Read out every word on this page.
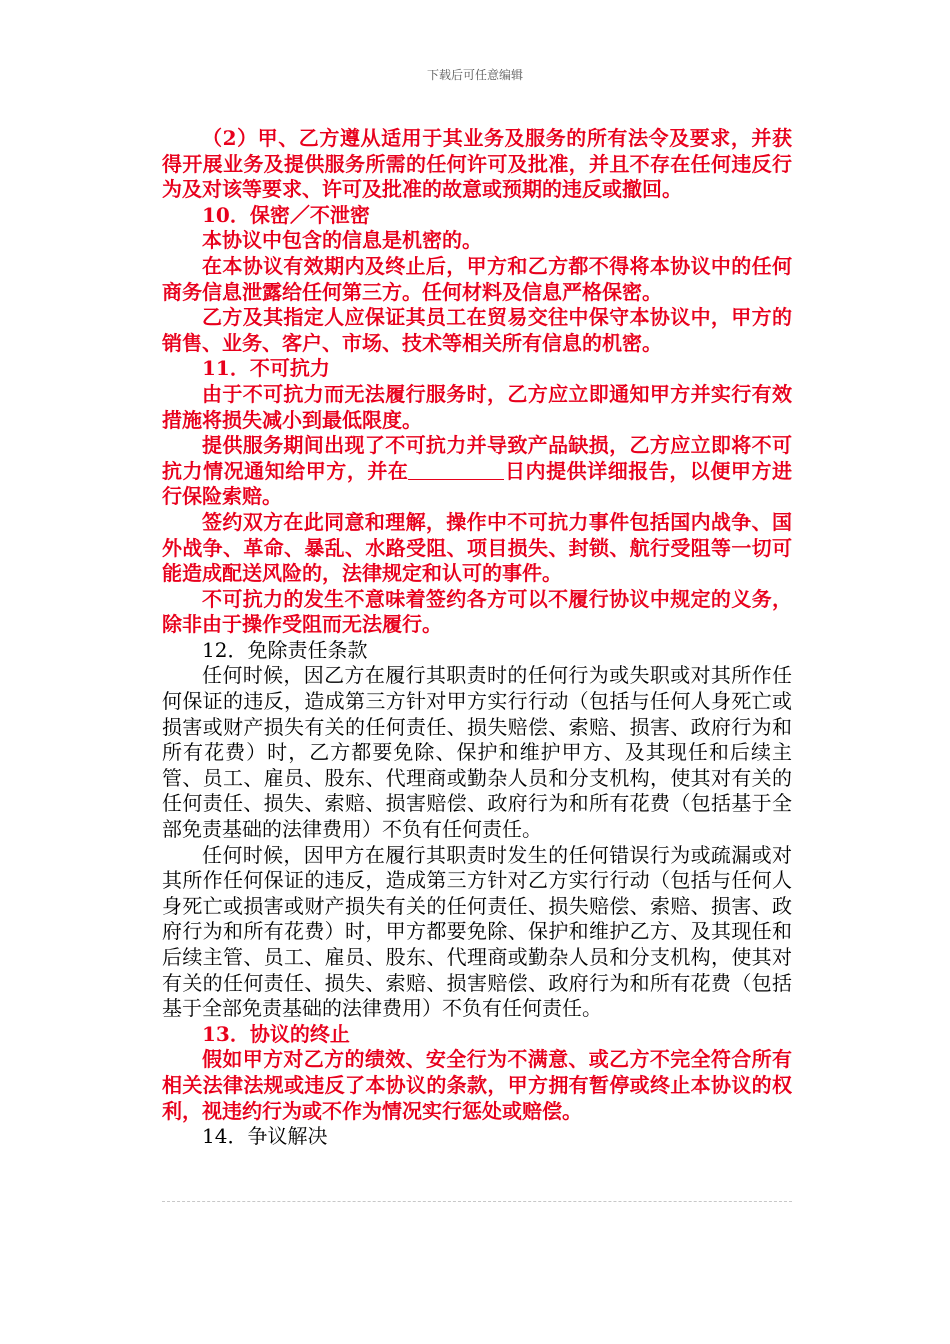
下载后可任意编辑

（2）甲、乙方遵从适用于其业务及服务的所有法令及要求，并获得开展业务及提供服务所需的任何许可及批准，并且不存在任何违反行为及对该等要求、许可及批准的故意或预期的违反或撤回。

10．保密／不泄密

本协议中包含的信息是机密的。

在本协议有效期内及终止后，甲方和乙方都不得将本协议中的任何商务信息泄露给任何第三方。任何材料及信息严格保密。

乙方及其指定人应保证其员工在贸易交往中保守本协议中，甲方的销售、业务、客户、市场、技术等相关所有信息的机密。

11．不可抗力

由于不可抗力而无法履行服务时，乙方应立即通知甲方并实行有效措施将损失减小到最低限度。

提供服务期间出现了不可抗力并导致产品缺损，乙方应立即将不可抗力情况通知给甲方，并在	日内提供详细报告，以便甲方进行保险索赔。

签约双方在此同意和理解，操作中不可抗力事件包括国内战争、国外战争、革命、暴乱、水路受阻、项目损失、封锁、航行受阻等一切可能造成配送风险的，法律规定和认可的事件。

不可抗力的发生不意味着签约各方可以不履行协议中规定的义务，除非由于操作受阻而无法履行。

12．免除责任条款

任何时候，因乙方在履行其职责时的任何行为或失职或对其所作任何保证的违反，造成第三方针对甲方实行行动（包括与任何人身死亡或损害或财产损失有关的任何责任、损失赔偿、索赔、损害、政府行为和所有花费）时，乙方都要免除、保护和维护甲方、及其现任和后续主管、员工、雇员、股东、代理商或勤杂人员和分支机构，使其对有关的任何责任、损失、索赔、损害赔偿、政府行为和所有花费（包括基于全部免责基础的法律费用）不负有任何责任。

任何时候，因甲方在履行其职责时发生的任何错误行为或疏漏或对其所作任何保证的违反，造成第三方针对乙方实行行动（包括与任何人身死亡或损害或财产损失有关的任何责任、损失赔偿、索赔、损害、政府行为和所有花费）时，甲方都要免除、保护和维护乙方、及其现任和后续主管、员工、雇员、股东、代理商或勤杂人员和分支机构，使其对有关的任何责任、损失、索赔、损害赔偿、政府行为和所有花费（包括基于全部免责基础的法律费用）不负有任何责任。

13．协议的终止

假如甲方对乙方的绩效、安全行为不满意、或乙方不完全符合所有相关法律法规或违反了本协议的条款，甲方拥有暂停或终止本协议的权利，视违约行为或不作为情况实行惩处或赔偿。

14．争议解决
